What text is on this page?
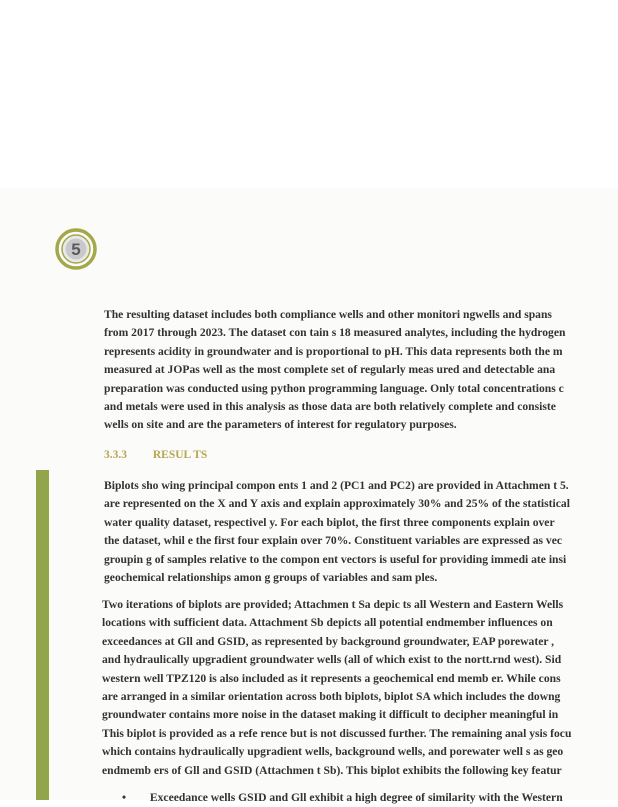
5
The resulting dataset includes both compliance wells and other monitori ngwells and spans
from 2017 through 2023. The dataset con tain s 18 measured analytes, including the hydrogen
represents acidity in groundwater and is proportional to pH. This data represents both the m
measured at JOPas well as the most complete set of regularly meas ured and detectable ana
preparation was conducted using python programming language. Only total concentrations c
and metals were used in this analysis as those data are both relatively complete and consiste
wells on site and are the parameters of interest for regulatory purposes.
3.3.3 RESUL TS
Biplots sho wing principal compon ents 1 and 2 (PC1 and PC2) are provided in Attachmen t 5.
are represented on the X and Y axis and explain approximately 30% and 25% of the statistical
water quality dataset, respectivel y. For each biplot, the first three components explain over
the dataset, whil e the first four explain over 70%. Constituent variables are expressed as vec
groupin g of samples relative to the compon ent vectors is useful for providing immedi ate insi
geochemical relationships amon g groups of variables and sam ples.
Two iterations of biplots are provided; Attachmen t Sa depic ts all Western and Eastern Wells
locations with sufficient data. Attachment Sb depicts all potential endmember influences on
exceedances at Gll and GSID, as represented by background groundwater, EAP porewater ,
and hydraulically upgradient groundwater wells (all of which exist to the nortt.rnd west). Sid
western well TPZ120 is also included as it represents a geochemical end memb er. While cons
are arranged in a similar orientation across both biplots, biplot SA which includes the downg
groundwater contains more noise in the dataset making it difficult to decipher meaningful in
This biplot is provided as a refe rence but is not discussed further. The remaining anal ysis focu
which contains hydraulically upgradient wells, background wells, and porewater well s as geo
endmemb ers of Gll and GSID (Attachmen t Sb). This biplot exhibits the following key featur
• Exceedance wells GSID and Gll exhibit a high degree of similarity with the Western
